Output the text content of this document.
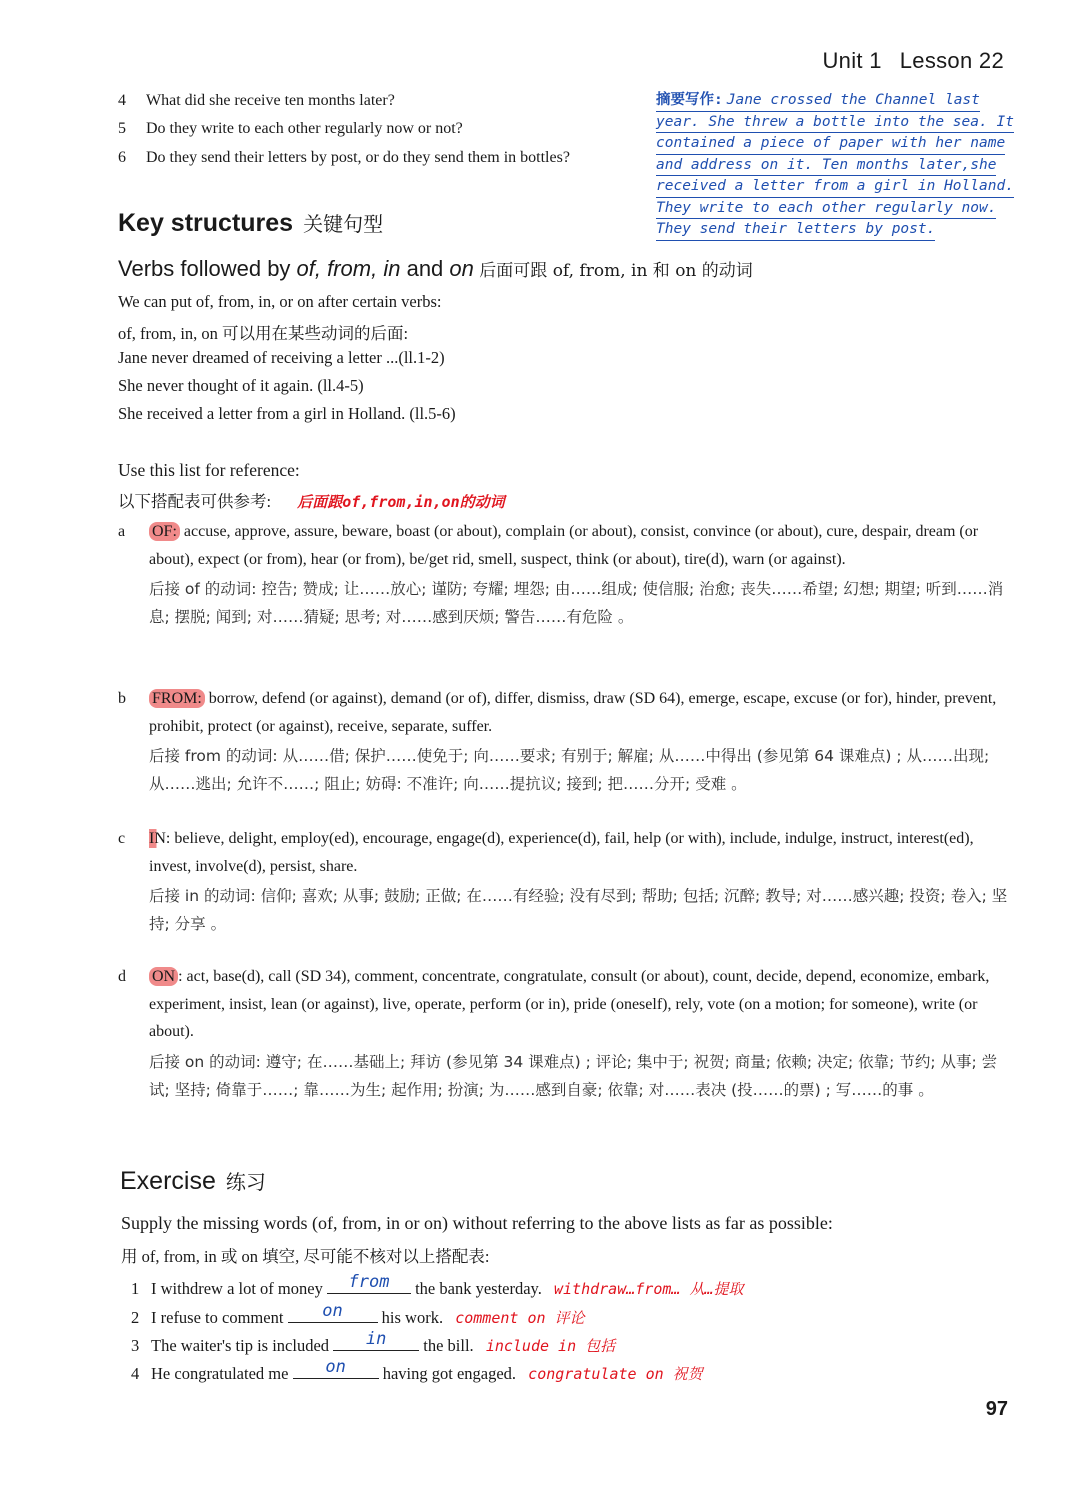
Unit 1 Lesson 22
4 What did she receive ten months later?
5 Do they write to each other regularly now or not?
6 Do they send their letters by post, or do they send them in bottles?
摘要写作: Jane crossed the Channel last
year. She threw a bottle into the sea. It
contained a piece of paper with her name
and address on it. Ten months later,she
received a letter from a girl in Holland.
They write to each other regularly now.
They send their letters by post.
Key structures 关键句型
Verbs followed by of, from, in and on 后面可跟 of, from, in 和 on 的动词
We can put of, from, in, or on after certain verbs:
of, from, in, on 可以用在某些动词的后面:
Jane never dreamed of receiving a letter ...(ll.1-2)
She never thought of it again. (ll.4-5)
She received a letter from a girl in Holland. (ll.5-6)
Use this list for reference:
以下搭配表可供参考: 后面跟of,from,in,on的动词
a OF: accuse, approve, assure, beware, boast (or about), complain (or about), consist, convince (or about), cure, despair, dream (or about), expect (or from), hear (or from), be/get rid, smell, suspect, think (or about), tire(d), warn (or against).
后接 of 的动词: 控告; 赞成; 让……放心; 谨防; 夸耀; 埋怨; 由……组成; 使信服; 治愈; 丧失……希望; 幻想; 期望; 听到……消息; 摆脱; 闻到; 对……猜疑; 思考; 对……感到厌烦; 警告……有危险 。
b FROM: borrow, defend (or against), demand (or of), differ, dismiss, draw (SD 64), emerge, escape, excuse (or for), hinder, prevent, prohibit, protect (or against), receive, separate, suffer.
后接 from 的动词: 从……借; 保护……使免于; 向……要求; 有别于; 解雇; 从……中得出 (参见第 64 课难点) ; 从……出现; 从……逃出; 允许不……; 阻止; 妨碍: 不准许; 向……提抗议; 接到; 把……分开; 受难 。
c IN: believe, delight, employ(ed), encourage, engage(d), experience(d), fail, help (or with), include, indulge, instruct, interest(ed), invest, involve(d), persist, share.
后接 in 的动词: 信仰; 喜欢; 从事; 鼓励; 正做; 在……有经验; 没有尽到; 帮助; 包括; 沉醉; 教导; 对……感兴趣; 投资; 卷入; 坚持; 分享 。
d ON : act, base(d), call (SD 34), comment, concentrate, congratulate, consult (or about), count, decide, depend, economize, embark, experiment, insist, lean (or against), live, operate, perform (or in), pride (oneself), rely, vote (on a motion; for someone), write (or about).
后接 on 的动词: 遵守; 在……基础上; 拜访 (参见第 34 课难点) ; 评论; 集中于; 祝贺; 商量; 依赖; 决定; 依靠; 节约; 从事; 尝试; 坚持; 倚靠于……; 靠……为生; 起作用; 扮演; 为……感到自豪; 依靠; 对……表决 (投……的票) ; 写……的事 。
Exercise 练习
Supply the missing words (of, from, in or on) without referring to the above lists as far as possible:
用 of, from, in 或 on 填空, 尽可能不核对以上搭配表:
1 I withdrew a lot of money	from	the bank yesterday. withdraw…from… 从…提取
2 I refuse to comment	on	his work. comment on 评论
3 The waiter's tip is included	in	the bill. include in 包括
4 He congratulated me	on	having got engaged. congratulate on 祝贺
97
